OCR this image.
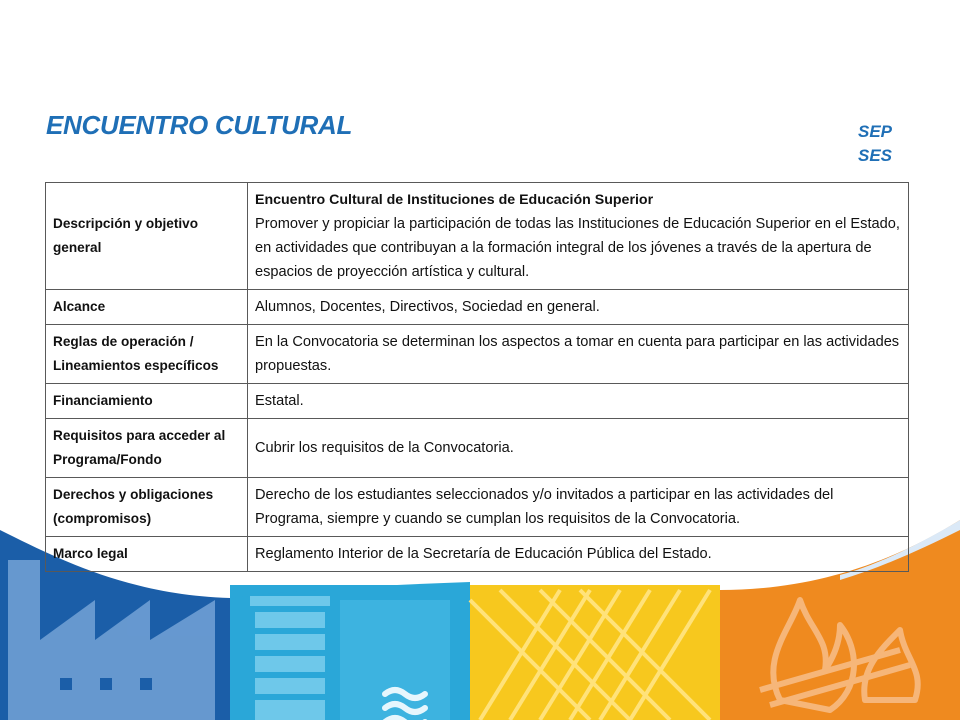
ENCUENTRO CULTURAL	SEP
SES
Descripción y objetivo general	Encuentro Cultural de Instituciones de Educación Superior
Promover y propiciar la participación de todas las Instituciones de Educación Superior en el Estado, en actividades que contribuyan a la formación integral de los jóvenes a través de la apertura de espacios de proyección artística y cultural.

Alcance	Alumnos, Docentes, Directivos, Sociedad en general.
Reglas de operación / Lineamientos específicos	En la Convocatoria se determinan los aspectos a tomar en cuenta para participar en las actividades propuestas.
Financiamiento	Estatal.
Requisitos para acceder al Programa/Fondo	Cubrir los requisitos de la Convocatoria.
Derechos y obligaciones (compromisos)	Derecho de los estudiantes seleccionados y/o invitados a participar en las actividades del Programa, siempre y cuando se cumplan los requisitos de la Convocatoria.
Marco legal	Reglamento Interior de la Secretaría de Educación Pública del Estado.
